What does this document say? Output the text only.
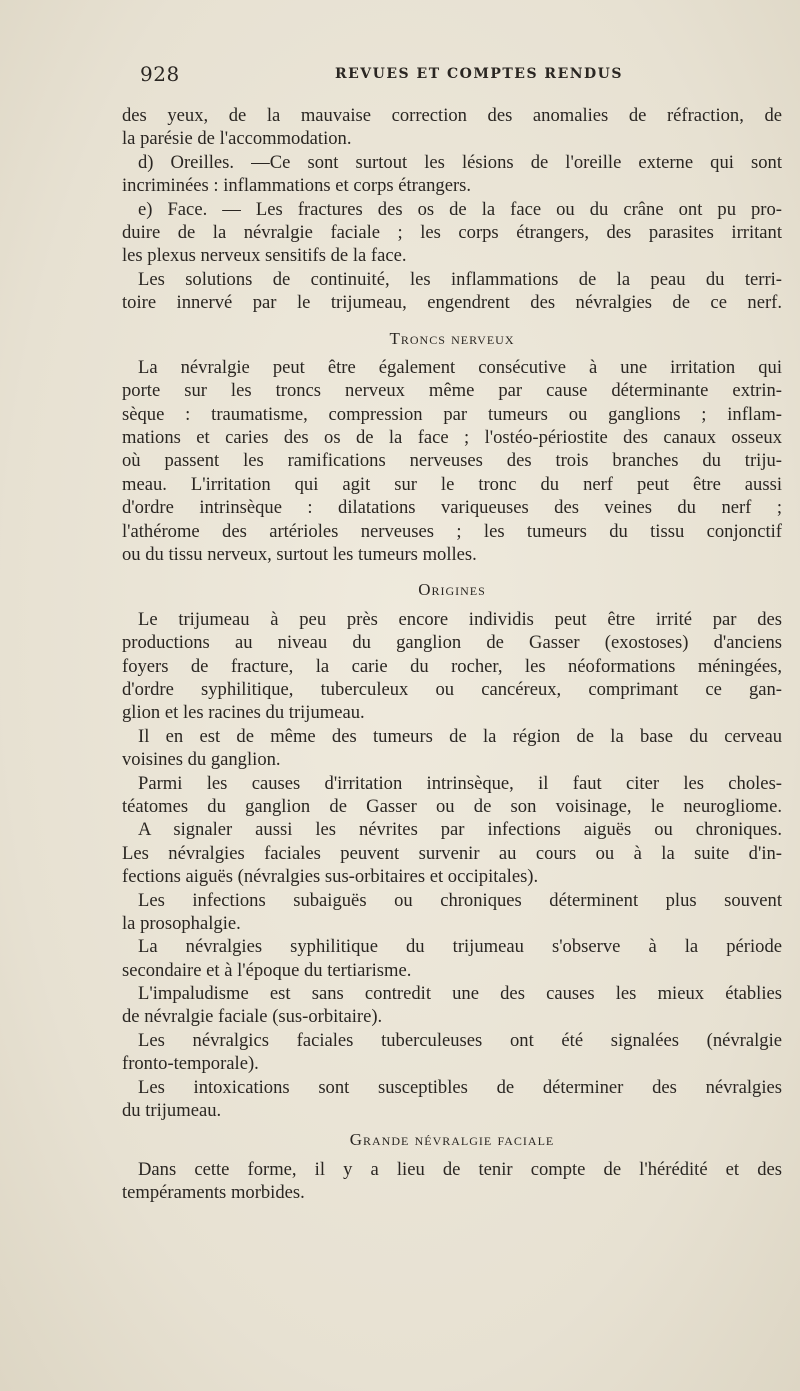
928	REVUES ET COMPTES RENDUS
des yeux, de la mauvaise correction des anomalies de réfraction, de
la parésie de l'accommodation.
d) Oreilles. —Ce sont surtout les lésions de l'oreille externe qui sont
incriminées : inflammations et corps étrangers.
e) Face. — Les fractures des os de la face ou du crâne ont pu pro-
duire de la névralgie faciale ; les corps étrangers, des parasites irritant
les plexus nerveux sensitifs de la face.
Les solutions de continuité, les inflammations de la peau du terri-
toire innervé par le trijumeau, engendrent des névralgies de ce nerf.
Troncs nerveux
La névralgie peut être également consécutive à une irritation qui
porte sur les troncs nerveux même par cause déterminante extrin-
sèque : traumatisme, compression par tumeurs ou ganglions ; inflam-
mations et caries des os de la face ; l'ostéo-périostite des canaux osseux
où passent les ramifications nerveuses des trois branches du triju-
meau. L'irritation qui agit sur le tronc du nerf peut être aussi
d'ordre intrinsèque : dilatations variqueuses des veines du nerf ;
l'athérome des artérioles nerveuses ; les tumeurs du tissu conjonctif
ou du tissu nerveux, surtout les tumeurs molles.
Origines
Le trijumeau à peu près encore individis peut être irrité par des
productions au niveau du ganglion de Gasser (exostoses) d'anciens
foyers de fracture, la carie du rocher, les néoformations méningées,
d'ordre syphilitique, tuberculeux ou cancéreux, comprimant ce gan-
glion et les racines du trijumeau.
Il en est de même des tumeurs de la région de la base du cerveau
voisines du ganglion.
Parmi les causes d'irritation intrinsèque, il faut citer les choles-
téatomes du ganglion de Gasser ou de son voisinage, le neurogliome.
A signaler aussi les névrites par infections aiguës ou chroniques.
Les névralgies faciales peuvent survenir au cours ou à la suite d'in-
fections aiguës (névralgies sus-orbitaires et occipitales).
Les infections subaiguës ou chroniques déterminent plus souvent
la prosophalgie.
La névralgies syphilitique du trijumeau s'observe à la période
secondaire et à l'époque du tertiarisme.
L'impaludisme est sans contredit une des causes les mieux établies
de névralgie faciale (sus-orbitaire).
Les névralgics faciales tuberculeuses ont été signalées (névralgie
fronto-temporale).
Les intoxications sont susceptibles de déterminer des névralgies
du trijumeau.
Grande névralgie faciale
Dans cette forme, il y a lieu de tenir compte de l'hérédité et des
tempéraments morbides.
